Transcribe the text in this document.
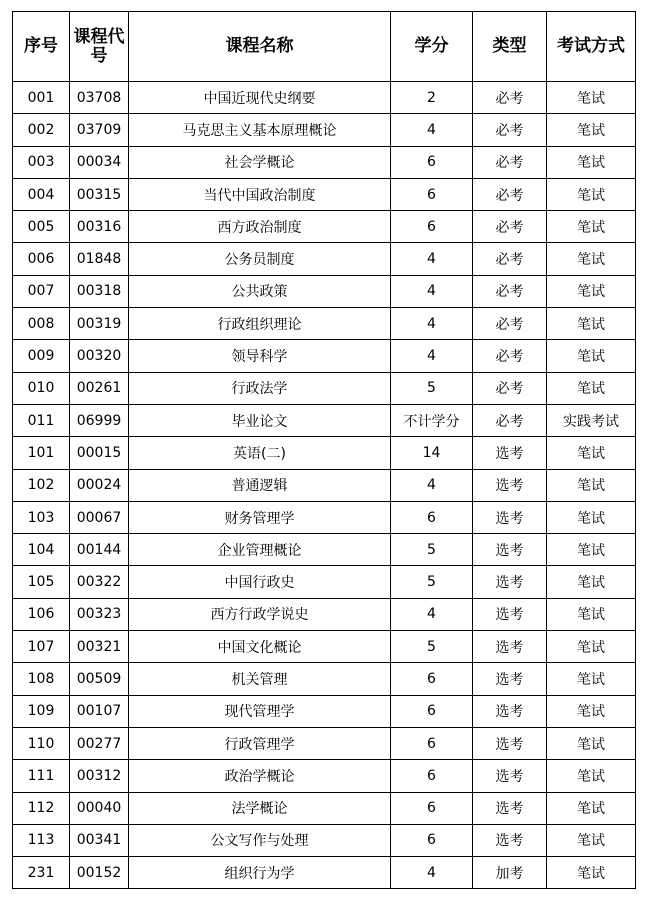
序号	课程代号	课程名称	学分	类型	考试方式
001	03708	中国近现代史纲要	2	必考	笔试
002	03709	马克思主义基本原理概论	4	必考	笔试
003	00034	社会学概论	6	必考	笔试
004	00315	当代中国政治制度	6	必考	笔试
005	00316	西方政治制度	6	必考	笔试
006	01848	公务员制度	4	必考	笔试
007	00318	公共政策	4	必考	笔试
008	00319	行政组织理论	4	必考	笔试
009	00320	领导科学	4	必考	笔试
010	00261	行政法学	5	必考	笔试
011	06999	毕业论文	不计学分	必考	实践考试
101	00015	英语(二)	14	选考	笔试
102	00024	普通逻辑	4	选考	笔试
103	00067	财务管理学	6	选考	笔试
104	00144	企业管理概论	5	选考	笔试
105	00322	中国行政史	5	选考	笔试
106	00323	西方行政学说史	4	选考	笔试
107	00321	中国文化概论	5	选考	笔试
108	00509	机关管理	6	选考	笔试
109	00107	现代管理学	6	选考	笔试
110	00277	行政管理学	6	选考	笔试
111	00312	政治学概论	6	选考	笔试
112	00040	法学概论	6	选考	笔试
113	00341	公文写作与处理	6	选考	笔试
231	00152	组织行为学	4	加考	笔试
